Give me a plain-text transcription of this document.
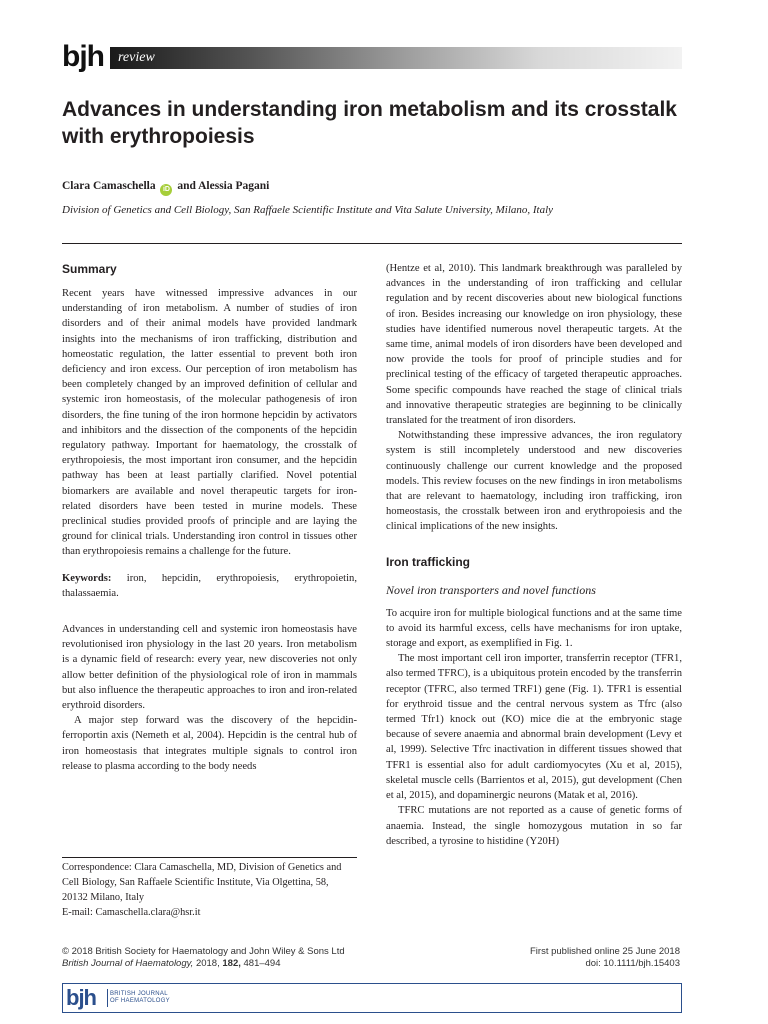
bjh review
Advances in understanding iron metabolism and its crosstalk with erythropoiesis
Clara Camaschella iD and Alessia Pagani
Division of Genetics and Cell Biology, San Raffaele Scientific Institute and Vita Salute University, Milano, Italy
Summary

Recent years have witnessed impressive advances in our understanding of iron metabolism. A number of studies of iron disorders and of their animal models have provided landmark insights into the mechanisms of iron trafficking, distribution and homeostatic regulation, the latter essential to prevent both iron deficiency and iron excess. Our perception of iron metabolism has been completely changed by an improved definition of cellular and systemic iron homeostasis, of the molecular pathogenesis of iron disorders, the fine tuning of the iron hormone hepcidin by activators and inhibitors and the dissection of the components of the hepcidin regulatory pathway. Important for haematology, the crosstalk of erythropoiesis, the most important iron consumer, and the hepcidin pathway has been at least partially clarified. Novel potential biomarkers are available and novel therapeutic targets for iron-related disorders have been tested in murine models. These preclinical studies provided proofs of principle and are laying the ground for clinical trials. Understanding iron control in tissues other than erythropoiesis remains a challenge for the future.

Keywords: iron, hepcidin, erythropoiesis, erythropoietin, thalassaemia.

Advances in understanding cell and systemic iron homeostasis have revolutionised iron physiology in the last 20 years. Iron metabolism is a dynamic field of research: every year, new discoveries not only allow better definition of the physiological role of iron in mammals but also influence the therapeutic approaches to iron and iron-related erythroid disorders.

A major step forward was the discovery of the hepcidin-ferroportin axis (Nemeth et al, 2004). Hepcidin is the central hub of iron homeostasis that integrates multiple signals to control iron release to plasma according to the body needs

(Hentze et al, 2010). This landmark breakthrough was paralleled by advances in the understanding of iron trafficking and cellular regulation and by recent discoveries about new biological functions of iron. Besides increasing our knowledge on iron physiology, these studies have identified numerous novel therapeutic targets. At the same time, animal models of iron disorders have been developed and now provide the tools for proof of principle studies and for preclinical testing of the efficacy of targeted therapeutic approaches. Some specific compounds have reached the stage of clinical trials and innovative therapeutic strategies are beginning to be clinically translated for the treatment of iron disorders.

Notwithstanding these impressive advances, the iron regulatory system is still incompletely understood and new discoveries continuously challenge our current knowledge and the proposed models. This review focuses on the new findings in iron metabolisms that are relevant to haematology, including iron trafficking, iron homeostasis, the crosstalk between iron and erythropoiesis and the clinical implications of the new insights.

Iron trafficking
Novel iron transporters and novel functions

To acquire iron for multiple biological functions and at the same time to avoid its harmful excess, cells have mechanisms for iron uptake, storage and export, as exemplified in Fig. 1.

The most important cell iron importer, transferrin receptor (TFR1, also termed TFRC), is a ubiquitous protein encoded by the transferrin receptor (TFRC, also termed TRF1) gene (Fig. 1). TFR1 is essential for erythroid tissue and the central nervous system as Tfrc (also termed Tfr1) knock out (KO) mice die at the embryonic stage because of severe anaemia and abnormal brain development (Levy et al, 1999). Selective Tfrc inactivation in different tissues showed that TFR1 is essential also for adult cardiomyocytes (Xu et al, 2015), skeletal muscle cells (Barrientos et al, 2015), gut development (Chen et al, 2015), and dopaminergic neurons (Matak et al, 2016).

TFRC mutations are not reported as a cause of genetic forms of anaemia. Instead, the single homozygous mutation in so far described, a tyrosine to histidine (Y20H)

Correspondence: Clara Camaschella, MD, Division of Genetics and
Cell Biology, San Raffaele Scientific Institute, Via Olgettina, 58,
20132 Milano, Italy
E-mail: Camaschella.clara@hsr.it
© 2018 British Society for Haematology and John Wiley & Sons Ltd
British Journal of Haematology, 2018, 182, 481–494
First published online 25 June 2018
doi: 10.1111/bjh.15403
bjh BRITISH JOURNAL
OF HAEMATOLOGY
